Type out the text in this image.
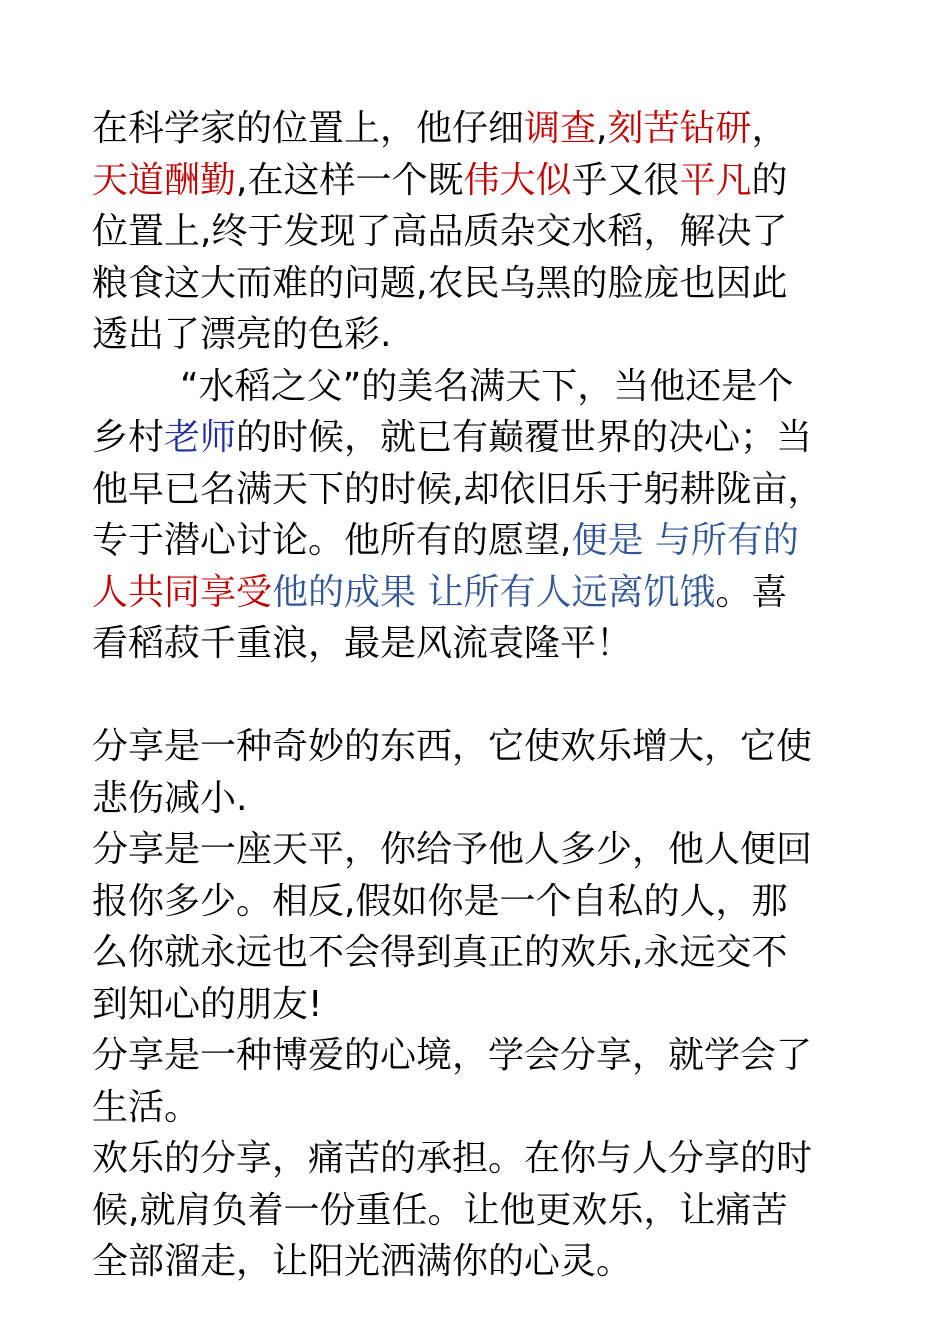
在科学家的位置上，他仔细调查,刻苦钻研，
天道酬勤,在这样一个既伟大似乎又很平凡的
位置上,终于发现了高品质杂交水稻，解决了
粮食这大而难的问题,农民乌黑的脸庞也因此
透出了漂亮的色彩.
“水稻之父”的美名满天下，当他还是个
乡村老师的时候，就已有巅覆世界的决心；当
他早已名满天下的时候,却依旧乐于躬耕陇亩，
专于潜心讨论。他所有的愿望,便是 与所有的
人共同享受他的成果 让所有人远离饥饿。喜
看稻菽千重浪，最是风流袁隆平！
分享是一种奇妙的东西，它使欢乐增大，它使
悲伤减小.
分享是一座天平，你给予他人多少，他人便回
报你多少。相反,假如你是一个自私的人，那
么你就永远也不会得到真正的欢乐,永远交不
到知心的朋友!
分享是一种博爱的心境，学会分享，就学会了
生活。
欢乐的分享，痛苦的承担。在你与人分享的时
候,就肩负着一份重任。让他更欢乐，让痛苦
全部溜走，让阳光洒满你的心灵。
